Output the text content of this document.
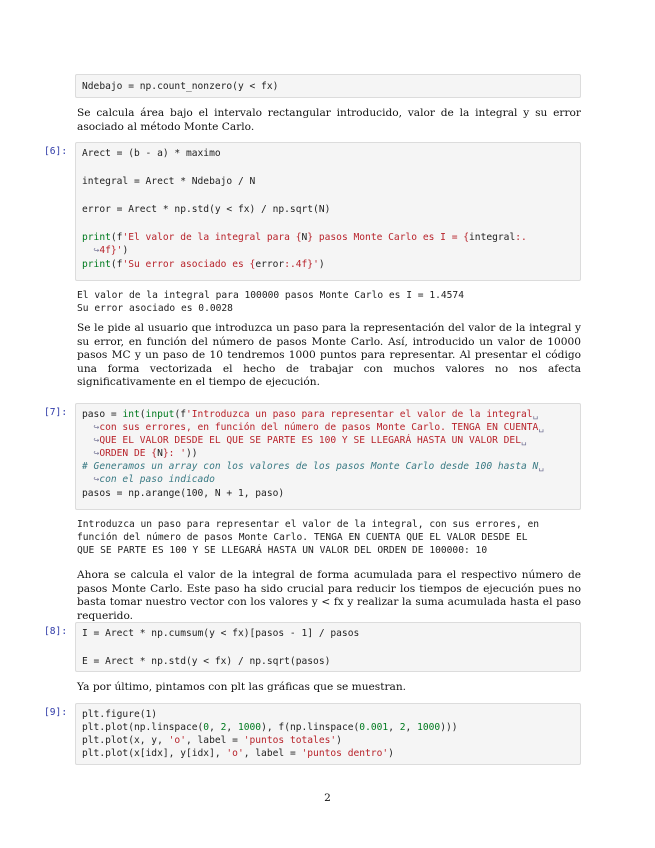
Ndebajo = np.count_nonzero(y < fx)
Se calcula área bajo el intervalo rectangular introducido, valor de la integral y su error asociado al método Monte Carlo.
[6]: Arect = (b - a) * maximo
integral = Arect * Ndebajo / N
error = Arect * np.std(y < fx) / np.sqrt(N)
print(f'El valor de la integral para {N} pasos Monte Carlo es I = {integral:.
↪4f}')
print(f'Su error asociado es {error:.4f}')
El valor de la integral para 100000 pasos Monte Carlo es I = 1.4574
Su error asociado es 0.0028
Se le pide al usuario que introduzca un paso para la representación del valor de la integral y su error, en función del número de pasos Monte Carlo. Así, introducido un valor de 10000 pasos MC y un paso de 10 tendremos 1000 puntos para representar. Al presentar el código una forma vectorizada el hecho de trabajar con muchos valores no nos afecta significativamente en el tiempo de ejecución.
[7]: paso = int(input(f'Introduzca un paso para representar el valor de la integral␣
↪con sus errores, en función del número de pasos Monte Carlo. TENGA EN CUENTA␣
↪QUE EL VALOR DESDE EL QUE SE PARTE ES 100 Y SE LLEGARÁ HASTA UN VALOR DEL␣
↪ORDEN DE {N}: '))
# Generamos un array con los valores de los pasos Monte Carlo desde 100 hasta N␣
↪con el paso indicado
pasos = np.arange(100, N + 1, paso)
Introduzca un paso para representar el valor de la integral, con sus errores, en
función del número de pasos Monte Carlo. TENGA EN CUENTA QUE EL VALOR DESDE EL
QUE SE PARTE ES 100 Y SE LLEGARÁ HASTA UN VALOR DEL ORDEN DE 100000: 10
Ahora se calcula el valor de la integral de forma acumulada para el respectivo número de pasos Monte Carlo. Este paso ha sido crucial para reducir los tiempos de ejecución pues no basta tomar nuestro vector con los valores y < fx y realizar la suma acumulada hasta el paso requerido.
[8]: I = Arect * np.cumsum(y < fx)[pasos - 1] / pasos
E = Arect * np.std(y < fx) / np.sqrt(pasos)
Ya por último, pintamos con plt las gráficas que se muestran.
[9]: plt.figure(1)
plt.plot(np.linspace(0, 2, 1000), f(np.linspace(0.001, 2, 1000)))
plt.plot(x, y, 'o', label = 'puntos totales')
plt.plot(x[idx], y[idx], 'o', label = 'puntos dentro')
2
